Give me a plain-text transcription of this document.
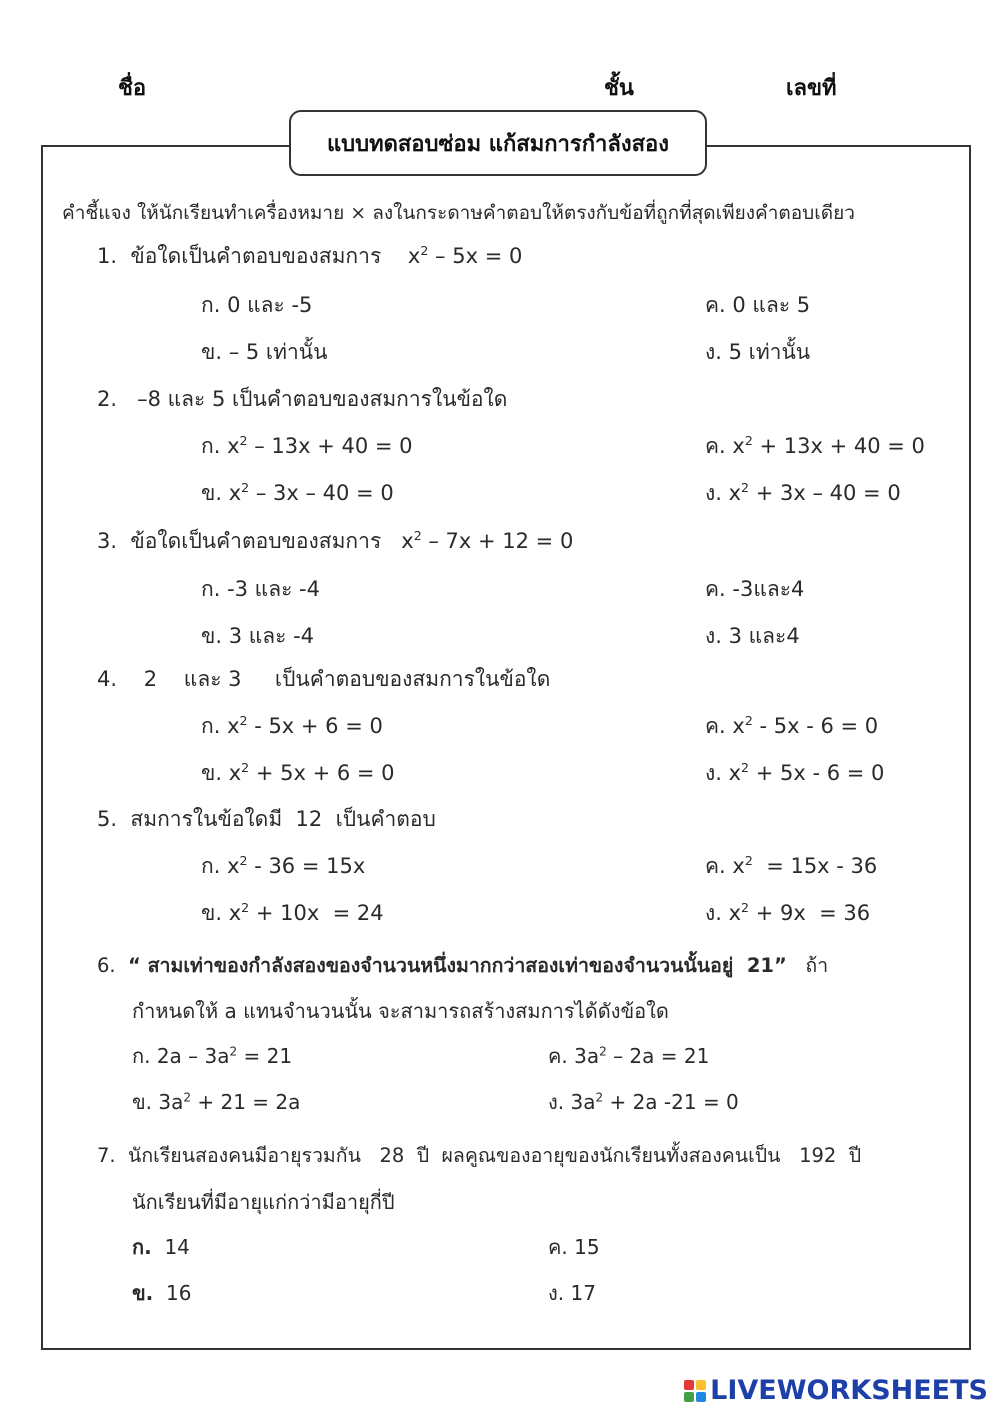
ชื่อ	ชั้น	เลขที่
แบบทดสอบซ่อม แก้สมการกำลังสอง
คำชี้แจง ให้นักเรียนทำเครื่องหมาย × ลงในกระดาษคำตอบให้ตรงกับข้อที่ถูกที่สุดเพียงคำตอบเดียว
1. ข้อใดเป็นคำตอบของสมการ $x^2 - 5x = 0$
ก. 0 และ -5	ค. 0 และ 5
ข. – 5 เท่านั้น	ง. 5 เท่านั้น
2. –8 และ 5 เป็นคำตอบของสมการในข้อใด
ก. $x^2 - 13x + 40 = 0$	ค. $x^2 + 13x + 40 = 0$
ข. $x^2 - 3x - 40 = 0$	ง. $x^2 + 3x - 40 = 0$
3. ข้อใดเป็นคำตอบของสมการ $x^2 - 7x + 12 = 0$
ก. -3 และ -4	ค. -3และ4
ข. 3 และ -4	ง. 3 และ4
4. 2    และ 3     เป็นคำตอบของสมการในข้อใด
ก. $x^2 - 5x + 6 = 0$	ค. $x^2 - 5x - 6 = 0$
ข. $x^2 + 5x + 6 = 0$	ง. $x^2 + 5x - 6 = 0$
5. สมการในข้อใดมี  12  เป็นคำตอบ
ก. $x^2 - 36 = 15x$	ค. $x^2 = 15x - 36$
ข. $x^2 + 10x = 24$	ง. $x^2 + 9x = 36$
6. “ สามเท่าของกำลังสองของจำนวนหนึ่งมากกว่าสองเท่าของจำนวนนั้นอยู่  21”   ถ้า
กำหนดให้ a แทนจำนวนนั้น จะสามารถสร้างสมการได้ดังข้อใด
ก. $2a - 3a^2 = 21$	ค. $3a^2 - 2a = 21$
ข. $3a^2 + 21 = 2a$	ง. $3a^2 + 2a$ -21 = 0
7. นักเรียนสองคนมีอายุรวมกัน   28  ปี  ผลคูณของอายุของนักเรียนทั้งสองคนเป็น   192  ปี
นักเรียนที่มีอายุแก่กว่ามีอายุกี่ปี
ก. 14	ค. 15
ข. 16	ง. 17
LIVEWORKSHEETS
